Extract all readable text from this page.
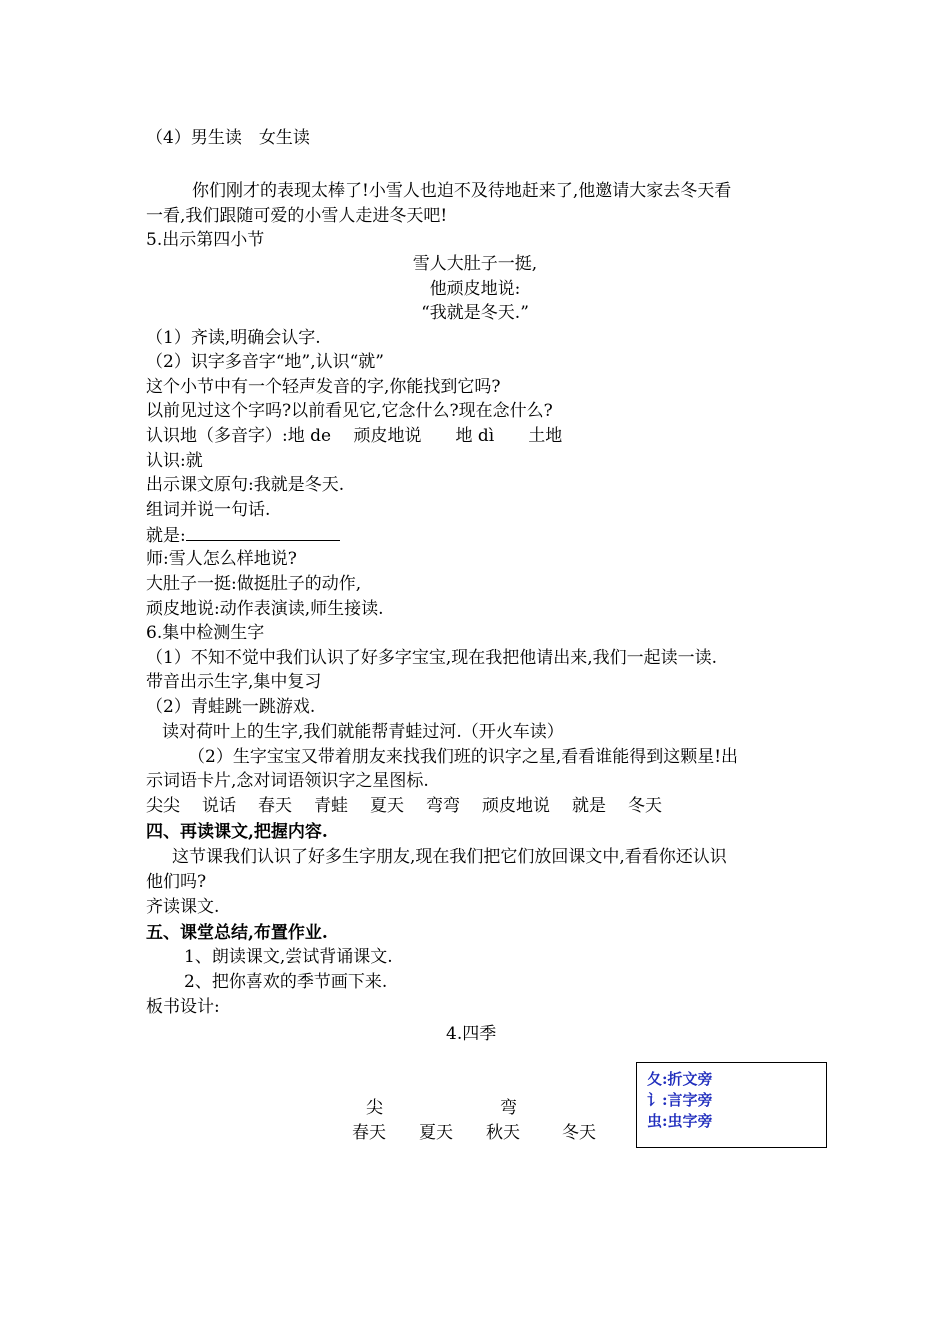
（4）男生读　女生读
你们刚才的表现太棒了!小雪人也迫不及待地赶来了,他邀请大家去冬天看
一看,我们跟随可爱的小雪人走进冬天吧!
5.出示第四小节
雪人大肚子一挺,
他顽皮地说:
“我就是冬天.”
（1）齐读,明确会认字.
（2）识字多音字“地”,认识“就”
这个小节中有一个轻声发音的字,你能找到它吗?
以前见过这个字吗?以前看见它,它念什么?现在念什么?
认识地（多音字）:地 de　 顽皮地说　　地 dì　　土地
认识:就
出示课文原句:我就是冬天.
组词并说一句话.
就是:
师:雪人怎么样地说?
大肚子一挺:做挺肚子的动作,
顽皮地说:动作表演读,师生接读.
6.集中检测生字
（1）不知不觉中我们认识了好多字宝宝,现在我把他请出来,我们一起读一读.
带音出示生字,集中复习
（2）青蛙跳一跳游戏.
读对荷叶上的生字,我们就能帮青蛙过河.（开火车读）
（2）生字宝宝又带着朋友来找我们班的识字之星,看看谁能得到这颗星!出
示词语卡片,念对词语领识字之星图标.
尖尖 说话 春天 青蛙 夏天 弯弯 顽皮地说 就是 冬天
四、再读课文,把握内容.
这节课我们认识了好多生字朋友,现在我们把它们放回课文中,看看你还认识
他们吗?
齐读课文.
五、课堂总结,布置作业.
1、朗读课文,尝试背诵课文.
2、把你喜欢的季节画下来.
板书设计:
4.四季
尖	弯
春天 夏天 秋天 冬天
夂:折文旁
讠:言字旁
虫:虫字旁
